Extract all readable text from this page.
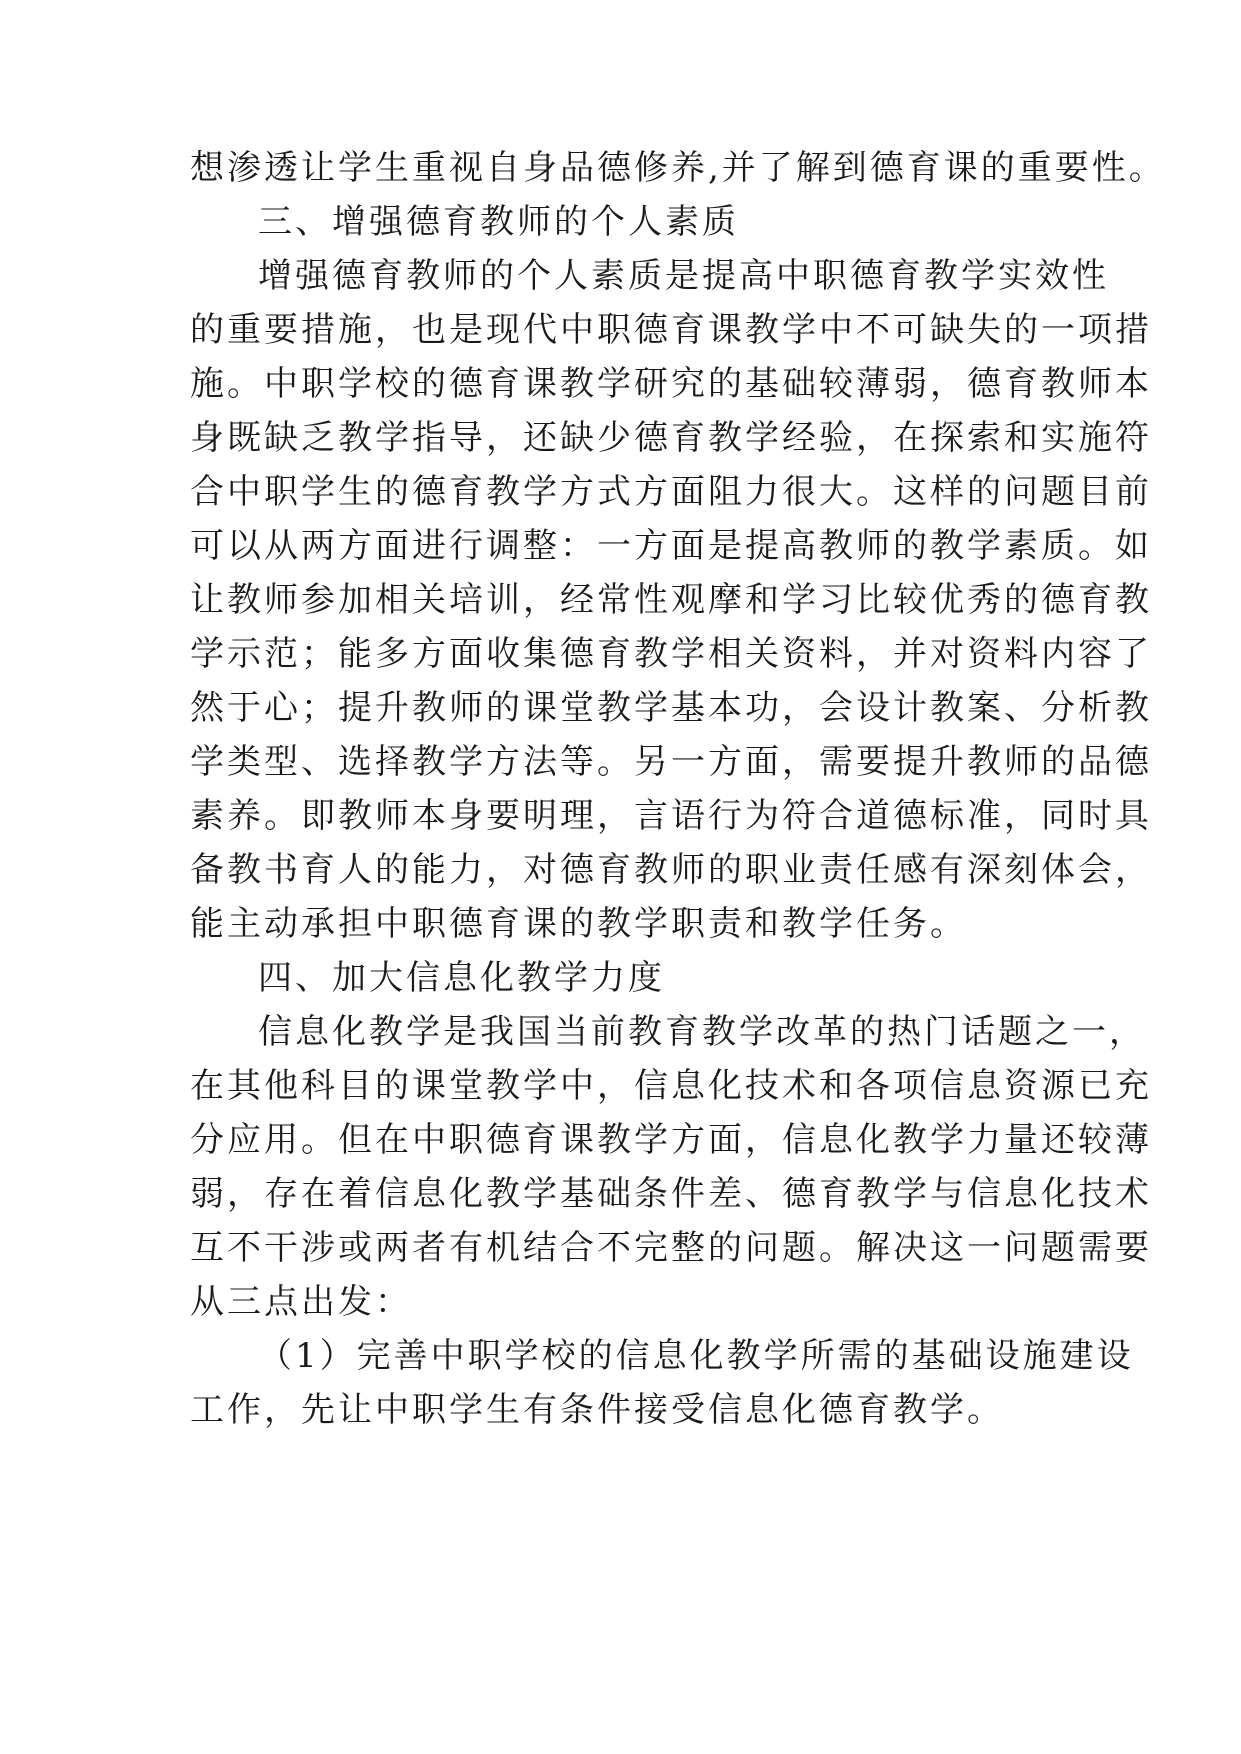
想渗透让学生重视自身品德修养,并了解到德育课的重要性。
三、增强德育教师的个人素质
增强德育教师的个人素质是提高中职德育教学实效性
的重要措施，也是现代中职德育课教学中不可缺失的一项措
施。中职学校的德育课教学研究的基础较薄弱，德育教师本
身既缺乏教学指导，还缺少德育教学经验，在探索和实施符
合中职学生的德育教学方式方面阻力很大。这样的问题目前
可以从两方面进行调整：一方面是提高教师的教学素质。如
让教师参加相关培训，经常性观摩和学习比较优秀的德育教
学示范；能多方面收集德育教学相关资料，并对资料内容了
然于心；提升教师的课堂教学基本功，会设计教案、分析教
学类型、选择教学方法等。另一方面，需要提升教师的品德
素养。即教师本身要明理，言语行为符合道德标准，同时具
备教书育人的能力，对德育教师的职业责任感有深刻体会，
能主动承担中职德育课的教学职责和教学任务。
四、加大信息化教学力度
信息化教学是我国当前教育教学改革的热门话题之一，
在其他科目的课堂教学中，信息化技术和各项信息资源已充
分应用。但在中职德育课教学方面，信息化教学力量还较薄
弱，存在着信息化教学基础条件差、德育教学与信息化技术
互不干涉或两者有机结合不完整的问题。解决这一问题需要
从三点出发：
（1）完善中职学校的信息化教学所需的基础设施建设
工作，先让中职学生有条件接受信息化德育教学。
